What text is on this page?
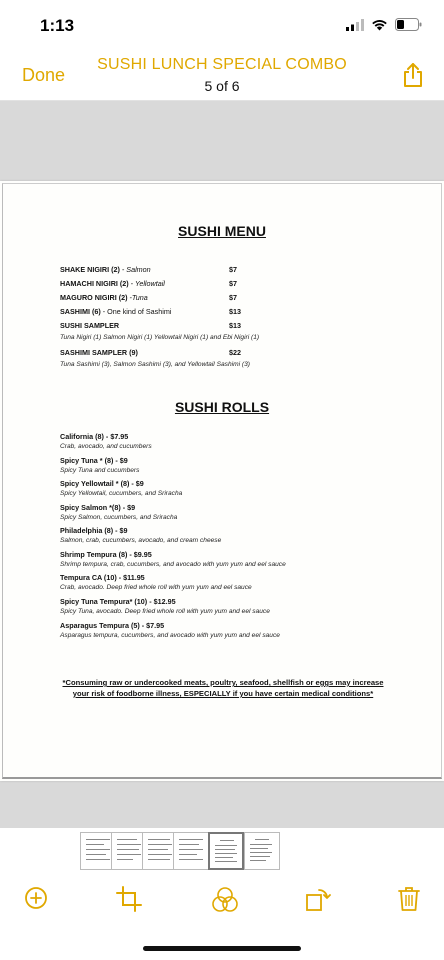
1:13
Done
SUSHI LUNCH SPECIAL COMBO
5 of 6
SUSHI MENU
SHAKE NIGIRI (2) - Salmon	$7
HAMACHI NIGIRI (2) - Yellowtail	$7
MAGURO NIGIRI (2) -Tuna	$7
SASHIMI (6) - One kind of Sashimi	$13
SUSHI SAMPLER	$13
Tuna Nigiri (1) Salmon Nigiri (1) Yellowtail Nigiri (1) and Ebi Nigiri (1)
SASHIMI SAMPLER (9)	$22
Tuna Sashimi (3), Salmon Sashimi (3), and Yellowtail Sashimi (3)
SUSHI ROLLS
California (8) - $7.95
Crab, avocado, and cucumbers
Spicy Tuna * (8) - $9
Spicy Tuna and cucumbers
Spicy Yellowtail * (8) - $9
Spicy Yellowtail, cucumbers, and Sriracha
Spicy Salmon *(8) - $9
Spicy Salmon, cucumbers, and Sriracha
Philadelphia (8) - $9
Salmon, crab, cucumbers, avocado, and cream cheese
Shrimp Tempura (8) - $9.95
Shrimp tempura, crab, cucumbers, and avocado with yum yum and eel sauce
Tempura CA (10) - $11.95
Crab, avocado. Deep fried whole roll with yum yum and eel sauce
Spicy Tuna Tempura* (10) - $12.95
Spicy Tuna, avocado. Deep fried whole roll with yum yum and eel sauce
Asparagus Tempura (5) - $7.95
Asparagus tempura, cucumbers, and avocado with yum yum and eel sauce
*Consuming raw or undercooked meats, poultry, seafood, shellfish or eggs may increase your risk of foodborne illness, ESPECIALLY if you have certain medical conditions*
